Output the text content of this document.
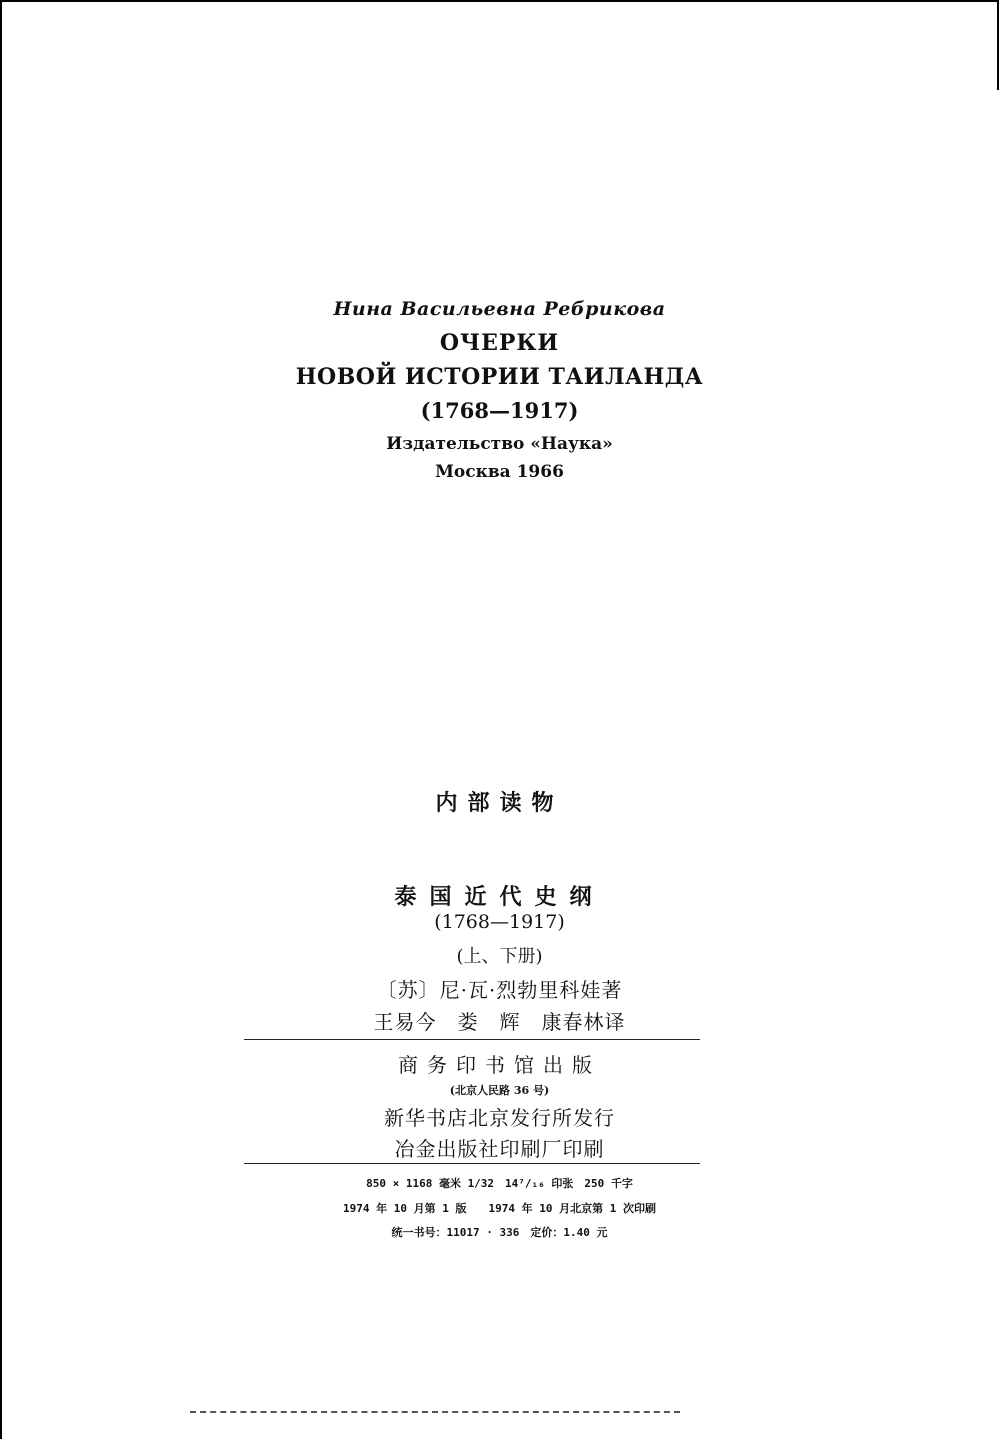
Нина Васильевна Ребрикова
ОЧЕРКИ
НОВОЙ ИСТОРИИ ТАИЛАНДА
(1768—1917)
Издательство «Наука»
Москва 1966
内部读物
泰国近代史纲
(1768—1917)
(上、下册)
〔苏〕尼·瓦·烈勃里科娃著
王易今　娄　辉　康春林译
商务印书馆出版
(北京人民路 36 号)
新华书店北京发行所发行
冶金出版社印刷厂印刷
850 × 1168 毫米 1/32　14⁷/₁₆ 印张　250 千字
1974 年 10 月第 1 版　　1974 年 10 月北京第 1 次印刷
统一书号：11017 · 336　定价：1.40 元
